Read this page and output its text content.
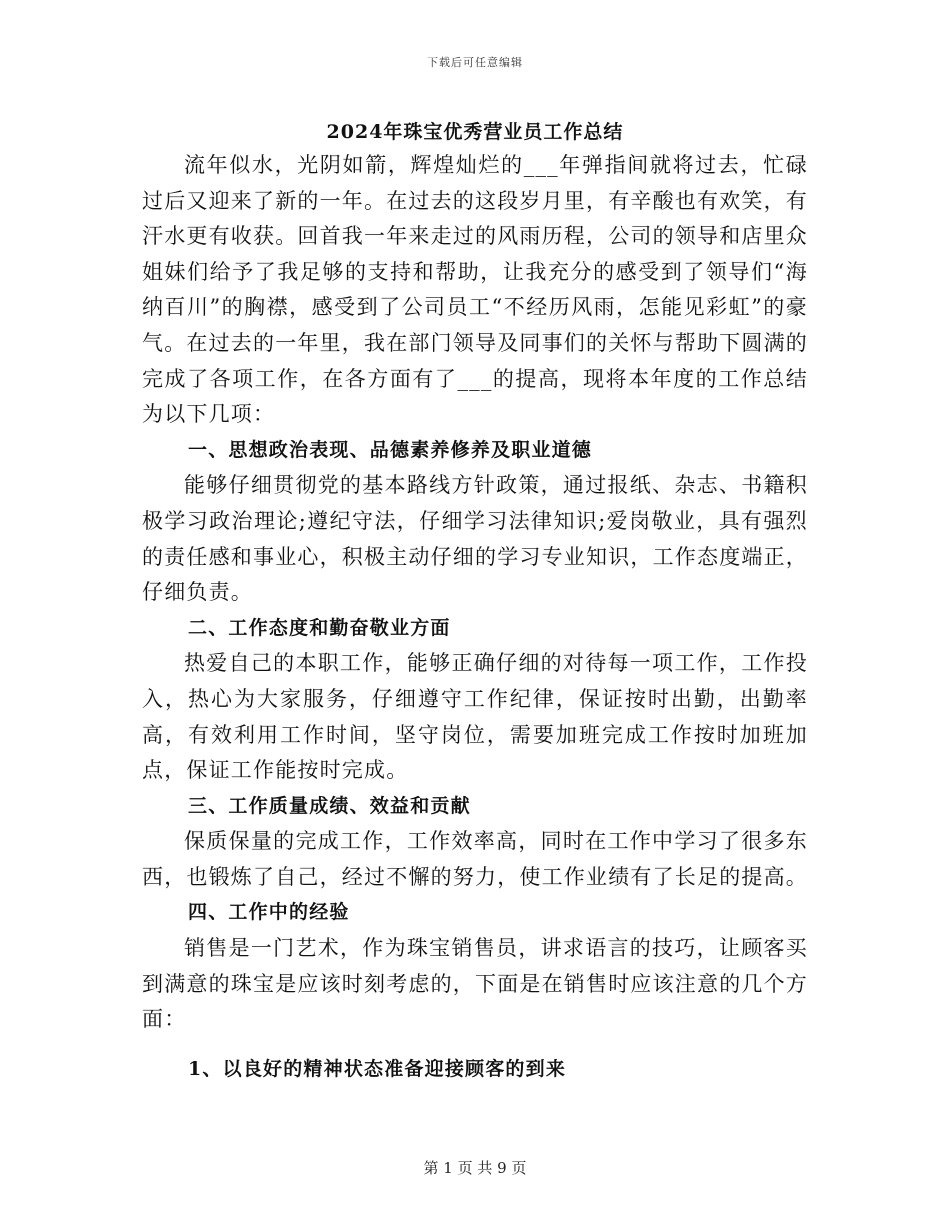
下载后可任意编辑
2024年珠宝优秀营业员工作总结

流年似水，光阴如箭，辉煌灿烂的___年弹指间就将过去，忙碌过后又迎来了新的一年。在过去的这段岁月里，有辛酸也有欢笑，有汗水更有收获。回首我一年来走过的风雨历程，公司的领导和店里众姐妹们给予了我足够的支持和帮助，让我充分的感受到了领导们“海纳百川”的胸襟，感受到了公司员工“不经历风雨，怎能见彩虹”的豪气。在过去的一年里，我在部门领导及同事们的关怀与帮助下圆满的完成了各项工作，在各方面有了___的提高，现将本年度的工作总结为以下几项：

一、思想政治表现、品德素养修养及职业道德

能够仔细贯彻党的基本路线方针政策，通过报纸、杂志、书籍积极学习政治理论;遵纪守法，仔细学习法律知识;爱岗敬业，具有强烈的责任感和事业心，积极主动仔细的学习专业知识，工作态度端正，仔细负责。

二、工作态度和勤奋敬业方面

热爱自己的本职工作，能够正确仔细的对待每一项工作，工作投入，热心为大家服务，仔细遵守工作纪律，保证按时出勤，出勤率高，有效利用工作时间，坚守岗位，需要加班完成工作按时加班加点，保证工作能按时完成。

三、工作质量成绩、效益和贡献

保质保量的完成工作，工作效率高，同时在工作中学习了很多东西，也锻炼了自己，经过不懈的努力，使工作业绩有了长足的提高。

四、工作中的经验

销售是一门艺术，作为珠宝销售员，讲求语言的技巧，让顾客买到满意的珠宝是应该时刻考虑的，下面是在销售时应该注意的几个方面：

1、以良好的精神状态准备迎接顾客的到来

第 1 页 共 9 页
